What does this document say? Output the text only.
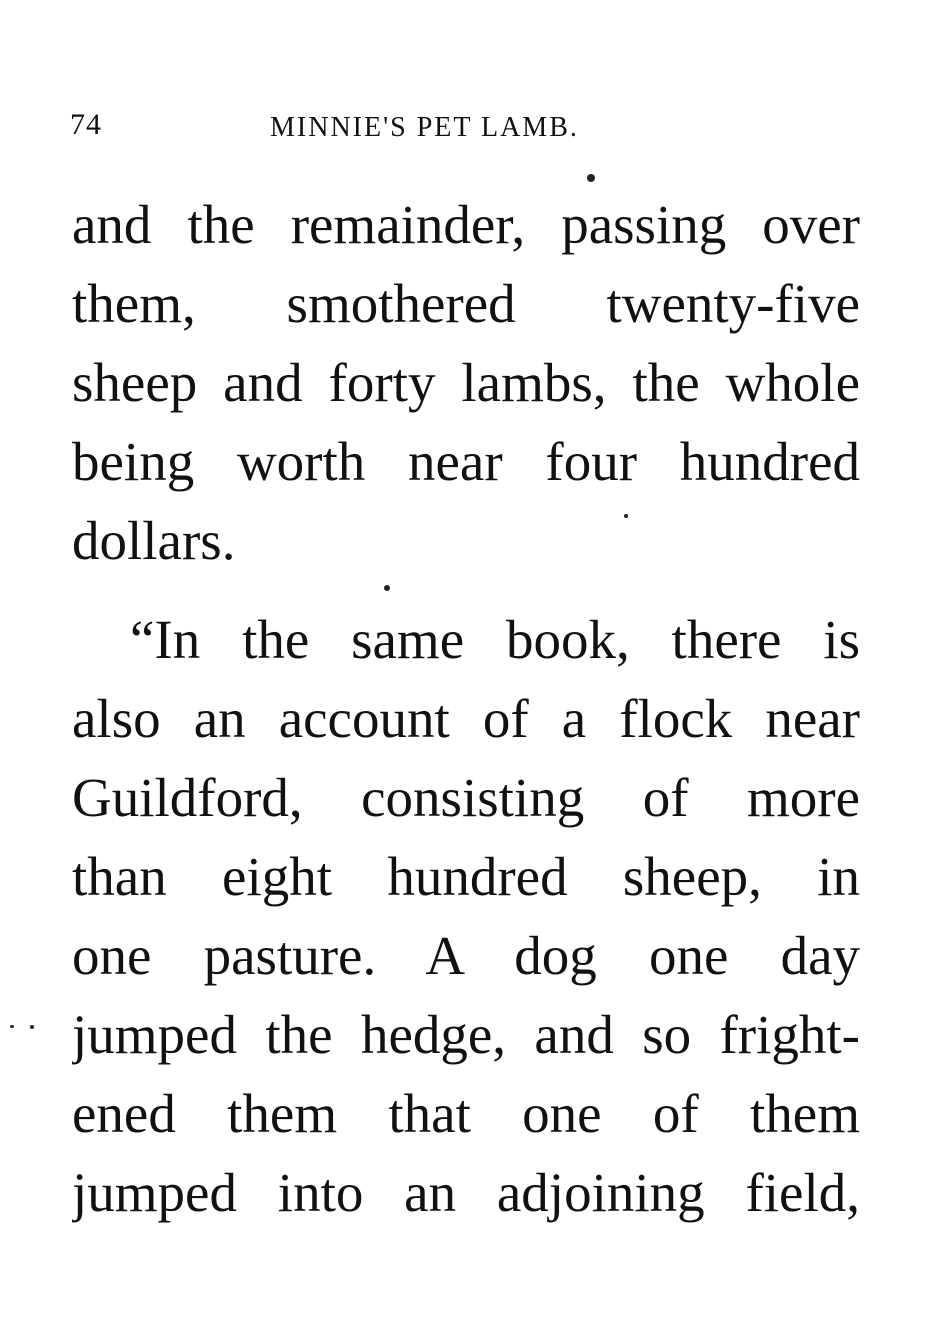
74	MINNIE'S PET LAMB.
and the remainder, passing over
them, smothered twenty-five
sheep and forty lambs, the whole
being worth near four hundred
dollars.
“In the same book, there is
also an account of a flock near
Guildford, consisting of more
than eight hundred sheep, in
one pasture. A dog one day
jumped the hedge, and so fright-
ened them that one of them
jumped into an adjoining field,
